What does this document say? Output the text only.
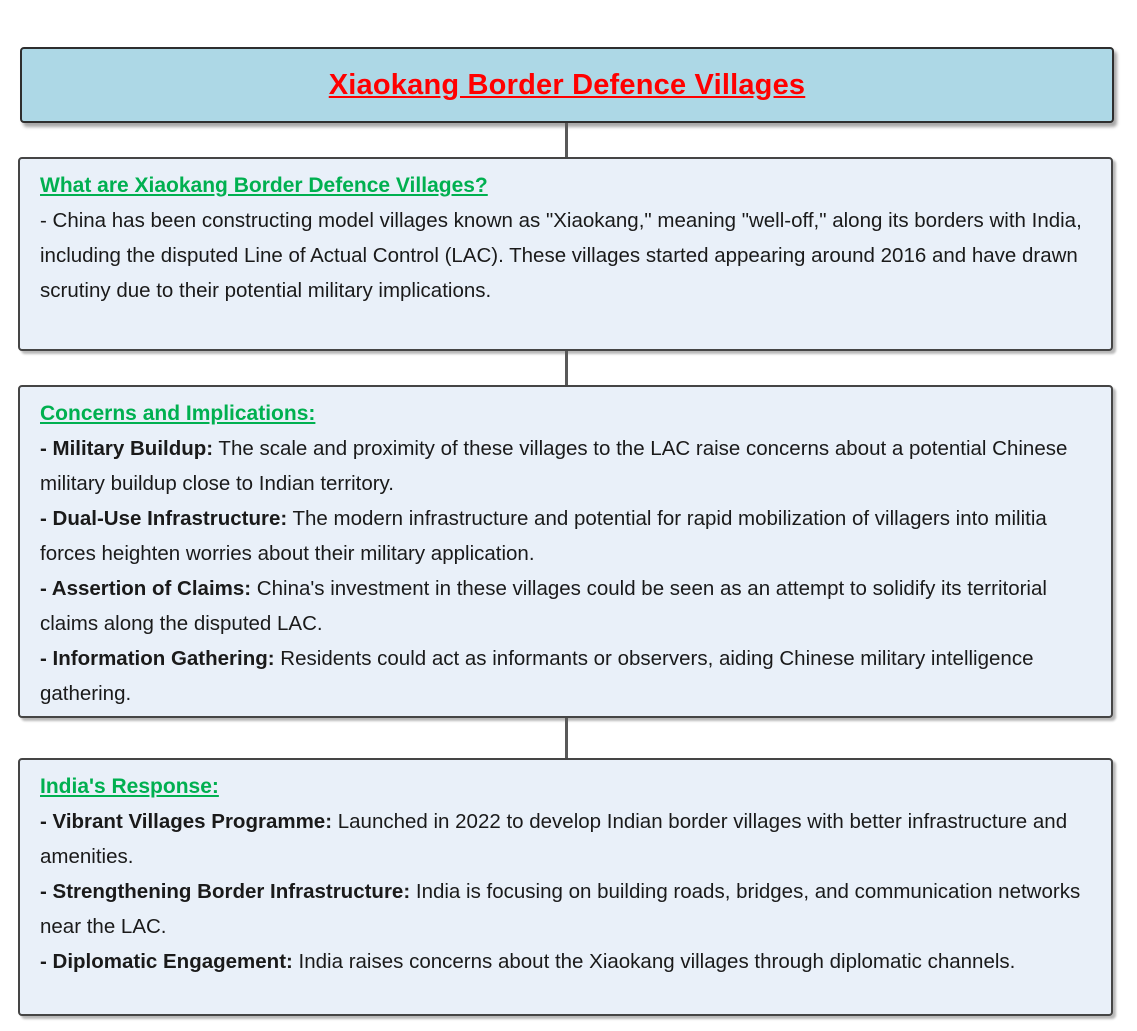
Xiaokang Border Defence Villages
What are Xiaokang Border Defence Villages?

- China has been constructing model villages known as "Xiaokang," meaning "well-off," along its borders with India, including the disputed Line of Actual Control (LAC). These villages started appearing around 2016 and have drawn scrutiny due to their potential military implications.

Concerns and Implications:

- Military Buildup: The scale and proximity of these villages to the LAC raise concerns about a potential Chinese military buildup close to Indian territory.

- Dual-Use Infrastructure: The modern infrastructure and potential for rapid mobilization of villagers into militia forces heighten worries about their military application.

- Assertion of Claims: China's investment in these villages could be seen as an attempt to solidify its territorial claims along the disputed LAC.

- Information Gathering: Residents could act as informants or observers, aiding Chinese military intelligence gathering.

India's Response:

- Vibrant Villages Programme: Launched in 2022 to develop Indian border villages with better infrastructure and amenities.

- Strengthening Border Infrastructure: India is focusing on building roads, bridges, and communication networks near the LAC.

- Diplomatic Engagement: India raises concerns about the Xiaokang villages through diplomatic channels.
